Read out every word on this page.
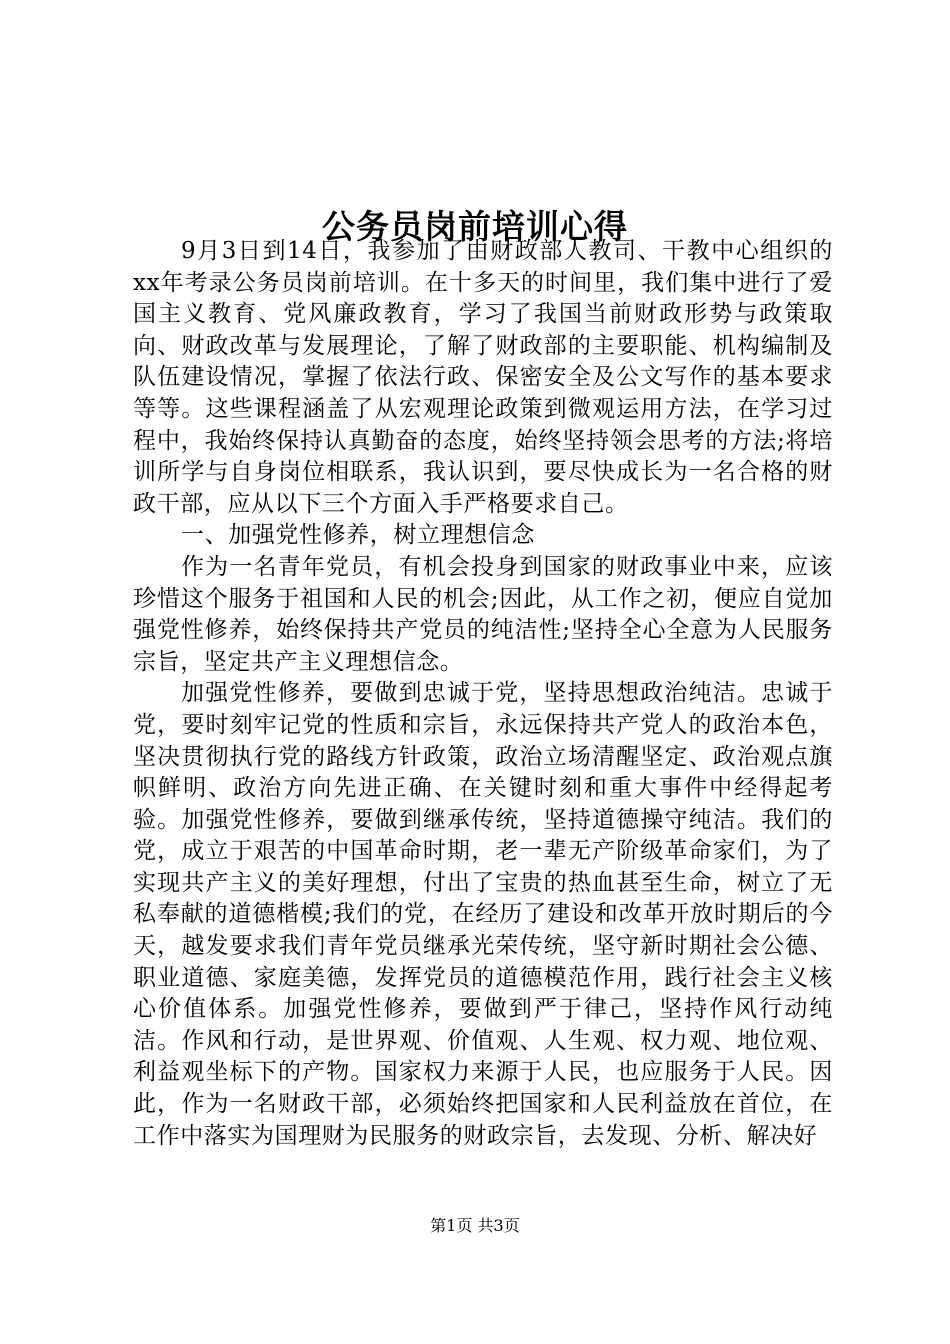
公务员岗前培训心得

9月3日到14日，我参加了由财政部人教司、干教中心组织的xx年考录公务员岗前培训。在十多天的时间里，我们集中进行了爱国主义教育、党风廉政教育，学习了我国当前财政形势与政策取向、财政改革与发展理论，了解了财政部的主要职能、机构编制及队伍建设情况，掌握了依法行政、保密安全及公文写作的基本要求等等。这些课程涵盖了从宏观理论政策到微观运用方法，在学习过程中，我始终保持认真勤奋的态度，始终坚持领会思考的方法;将培训所学与自身岗位相联系，我认识到，要尽快成长为一名合格的财政干部，应从以下三个方面入手严格要求自己。

一、加强党性修养，树立理想信念

作为一名青年党员，有机会投身到国家的财政事业中来，应该珍惜这个服务于祖国和人民的机会;因此，从工作之初，便应自觉加强党性修养，始终保持共产党员的纯洁性;坚持全心全意为人民服务宗旨，坚定共产主义理想信念。

加强党性修养，要做到忠诚于党，坚持思想政治纯洁。忠诚于党，要时刻牢记党的性质和宗旨，永远保持共产党人的政治本色，坚决贯彻执行党的路线方针政策，政治立场清醒坚定、政治观点旗帜鲜明、政治方向先进正确、在关键时刻和重大事件中经得起考验。加强党性修养，要做到继承传统，坚持道德操守纯洁。我们的党，成立于艰苦的中国革命时期，老一辈无产阶级革命家们，为了实现共产主义的美好理想，付出了宝贵的热血甚至生命，树立了无私奉献的道德楷模;我们的党，在经历了建设和改革开放时期后的今天，越发要求我们青年党员继承光荣传统，坚守新时期社会公德、职业道德、家庭美德，发挥党员的道德模范作用，践行社会主义核心价值体系。加强党性修养，要做到严于律己，坚持作风行动纯洁。作风和行动，是世界观、价值观、人生观、权力观、地位观、利益观坐标下的产物。国家权力来源于人民，也应服务于人民。因此，作为一名财政干部，必须始终把国家和人民利益放在首位，在工作中落实为国理财为民服务的财政宗旨，去发现、分析、解决好

第1页 共3页
